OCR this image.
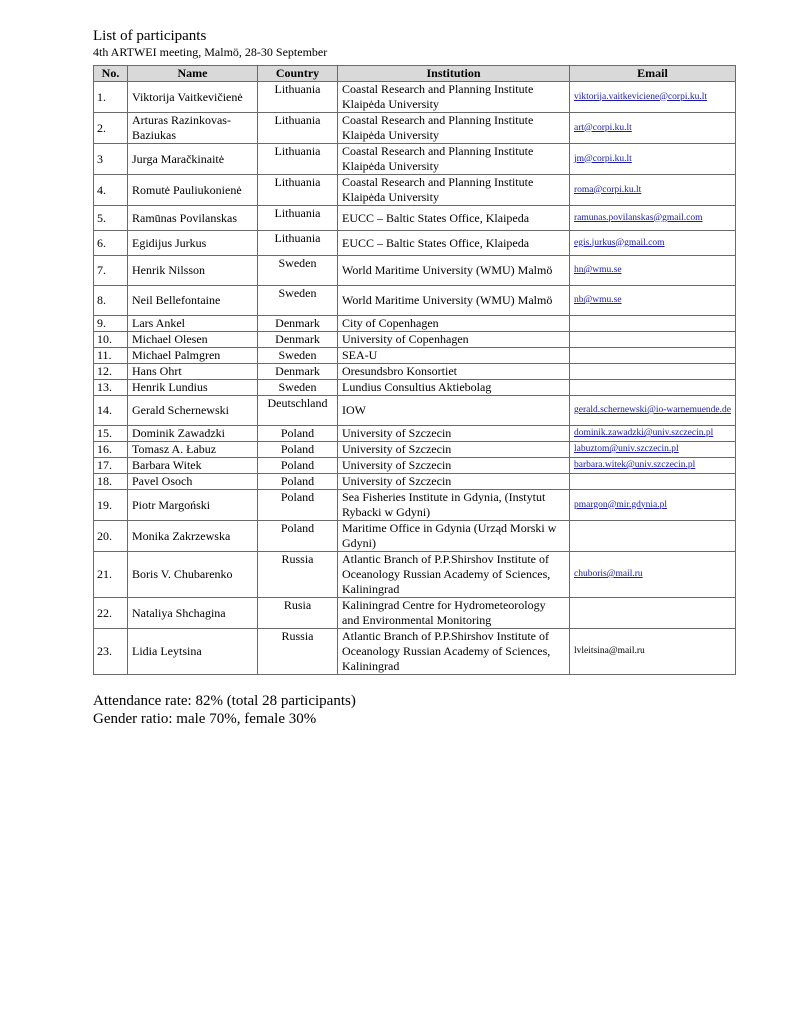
List of participants
4th ARTWEI meeting, Malmö, 28-30 September
No.	Name	Country	Institution	Email
1.	Viktorija Vaitkevičienė	Lithuania	Coastal Research and Planning Institute Klaipėda University	viktorija.vaitkeviciene@corpi.ku.lt
2.	Arturas Razinkovas-Baziukas	Lithuania	Coastal Research and Planning Institute Klaipėda University	art@corpi.ku.lt
3	Jurga Maračkinaitė	Lithuania	Coastal Research and Planning Institute Klaipėda University	jm@corpi.ku.lt
4.	Romutė Pauliukonienė	Lithuania	Coastal Research and Planning Institute Klaipėda University	roma@corpi.ku.lt
5.	Ramūnas Povilanskas	Lithuania	EUCC – Baltic States Office, Klaipeda	ramunas.povilanskas@gmail.com
6.	Egidijus Jurkus	Lithuania	EUCC – Baltic States Office, Klaipeda	egis.jurkus@gmail.com
7.	Henrik Nilsson	Sweden	World Maritime University (WMU) Malmö	hn@wmu.se
8.	Neil Bellefontaine	Sweden	World Maritime University (WMU) Malmö	nb@wmu.se
9.	Lars Ankel	Denmark	City of Copenhagen	
10.	Michael Olesen	Denmark	University of Copenhagen	
11.	Michael Palmgren	Sweden	SEA-U	
12.	Hans Ohrt	Denmark	Oresundsbro Konsortiet	
13.	Henrik Lundius	Sweden	Lundius Consultius Aktiebolag	
14.	Gerald Schernewski	Deutschland	IOW	gerald.schernewski@io-warnemuende.de
15.	Dominik Zawadzki	Poland	University of Szczecin	dominik.zawadzki@univ.szczecin.pl
16.	Tomasz A. Łabuz	Poland	University of Szczecin	labuztom@univ.szczecin.pl
17.	Barbara Witek	Poland	University of Szczecin	barbara.witek@univ.szczecin.pl
18.	Pavel Osoch	Poland	University of Szczecin	
19.	Piotr Margoński	Poland	Sea Fisheries Institute in Gdynia, (Instytut Rybacki w Gdyni)	pmargon@mir.gdynia.pl
20.	Monika Zakrzewska	Poland	Maritime Office in Gdynia (Urząd Morski w Gdyni)	
21.	Boris V. Chubarenko	Russia	Atlantic Branch of P.P.Shirshov Institute of Oceanology Russian Academy of Sciences, Kaliningrad	chuboris@mail.ru
22.	Nataliya Shchagina	Rusia	Kaliningrad Centre for Hydrometeorology and Environmental Monitoring	
23.	Lidia Leytsina	Russia	Atlantic Branch of P.P.Shirshov Institute of Oceanology Russian Academy of Sciences, Kaliningrad	lvleitsina@mail.ru
Attendance rate: 82% (total 28 participants)
Gender ratio: male 70%, female 30%
